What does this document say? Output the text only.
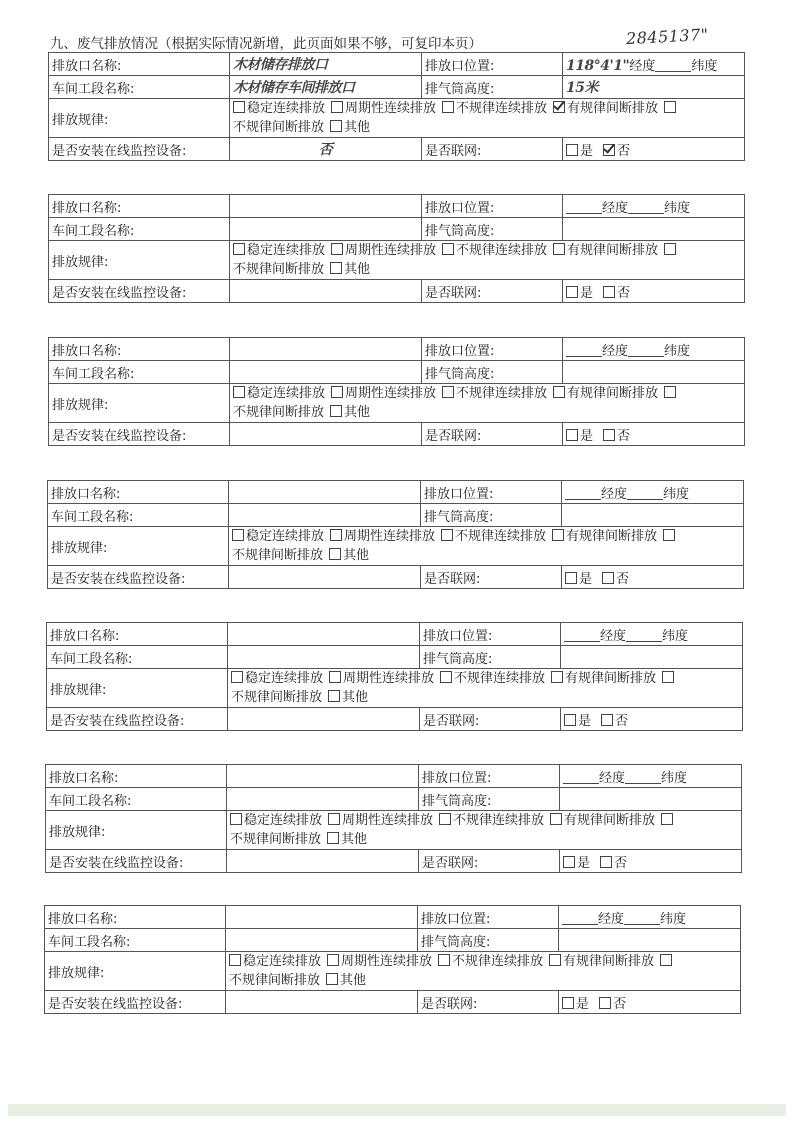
九、废气排放情况（根据实际情况新增，此页面如果不够，可复印本页）	2845137"
排放口名称:	木材储存排放口	排放口位置:	118°4'1"经度 纬度
车间工段名称:	木材储存车间排放口	排气筒高度:	15米
排放规律:	稳定连续排放 周期性连续排放 不规律连续排放 有规律间断排放
不规律间断排放 其他		
是否安装在线监控设备:	否	是否联网:	是 否
排放口名称:		排放口位置:	经度 纬度
车间工段名称:		排气筒高度:	
排放规律:	稳定连续排放 周期性连续排放 不规律连续排放 有规律间断排放
不规律间断排放 其他		
是否安装在线监控设备:		是否联网:	是 否
排放口名称:		排放口位置:	经度 纬度
车间工段名称:		排气筒高度:	
排放规律:	稳定连续排放 周期性连续排放 不规律连续排放 有规律间断排放
不规律间断排放 其他		
是否安装在线监控设备:		是否联网:	是 否
排放口名称:		排放口位置:	经度 纬度
车间工段名称:		排气筒高度:	
排放规律:	稳定连续排放 周期性连续排放 不规律连续排放 有规律间断排放
不规律间断排放 其他		
是否安装在线监控设备:		是否联网:	是 否
排放口名称:		排放口位置:	经度 纬度
车间工段名称:		排气筒高度:	
排放规律:	稳定连续排放 周期性连续排放 不规律连续排放 有规律间断排放
不规律间断排放 其他		
是否安装在线监控设备:		是否联网:	是 否
排放口名称:		排放口位置:	经度 纬度
车间工段名称:		排气筒高度:	
排放规律:	稳定连续排放 周期性连续排放 不规律连续排放 有规律间断排放
不规律间断排放 其他		
是否安装在线监控设备:		是否联网:	是 否
排放口名称:		排放口位置:	经度 纬度
车间工段名称:		排气筒高度:	
排放规律:	稳定连续排放 周期性连续排放 不规律连续排放 有规律间断排放
不规律间断排放 其他		
是否安装在线监控设备:		是否联网:	是 否
